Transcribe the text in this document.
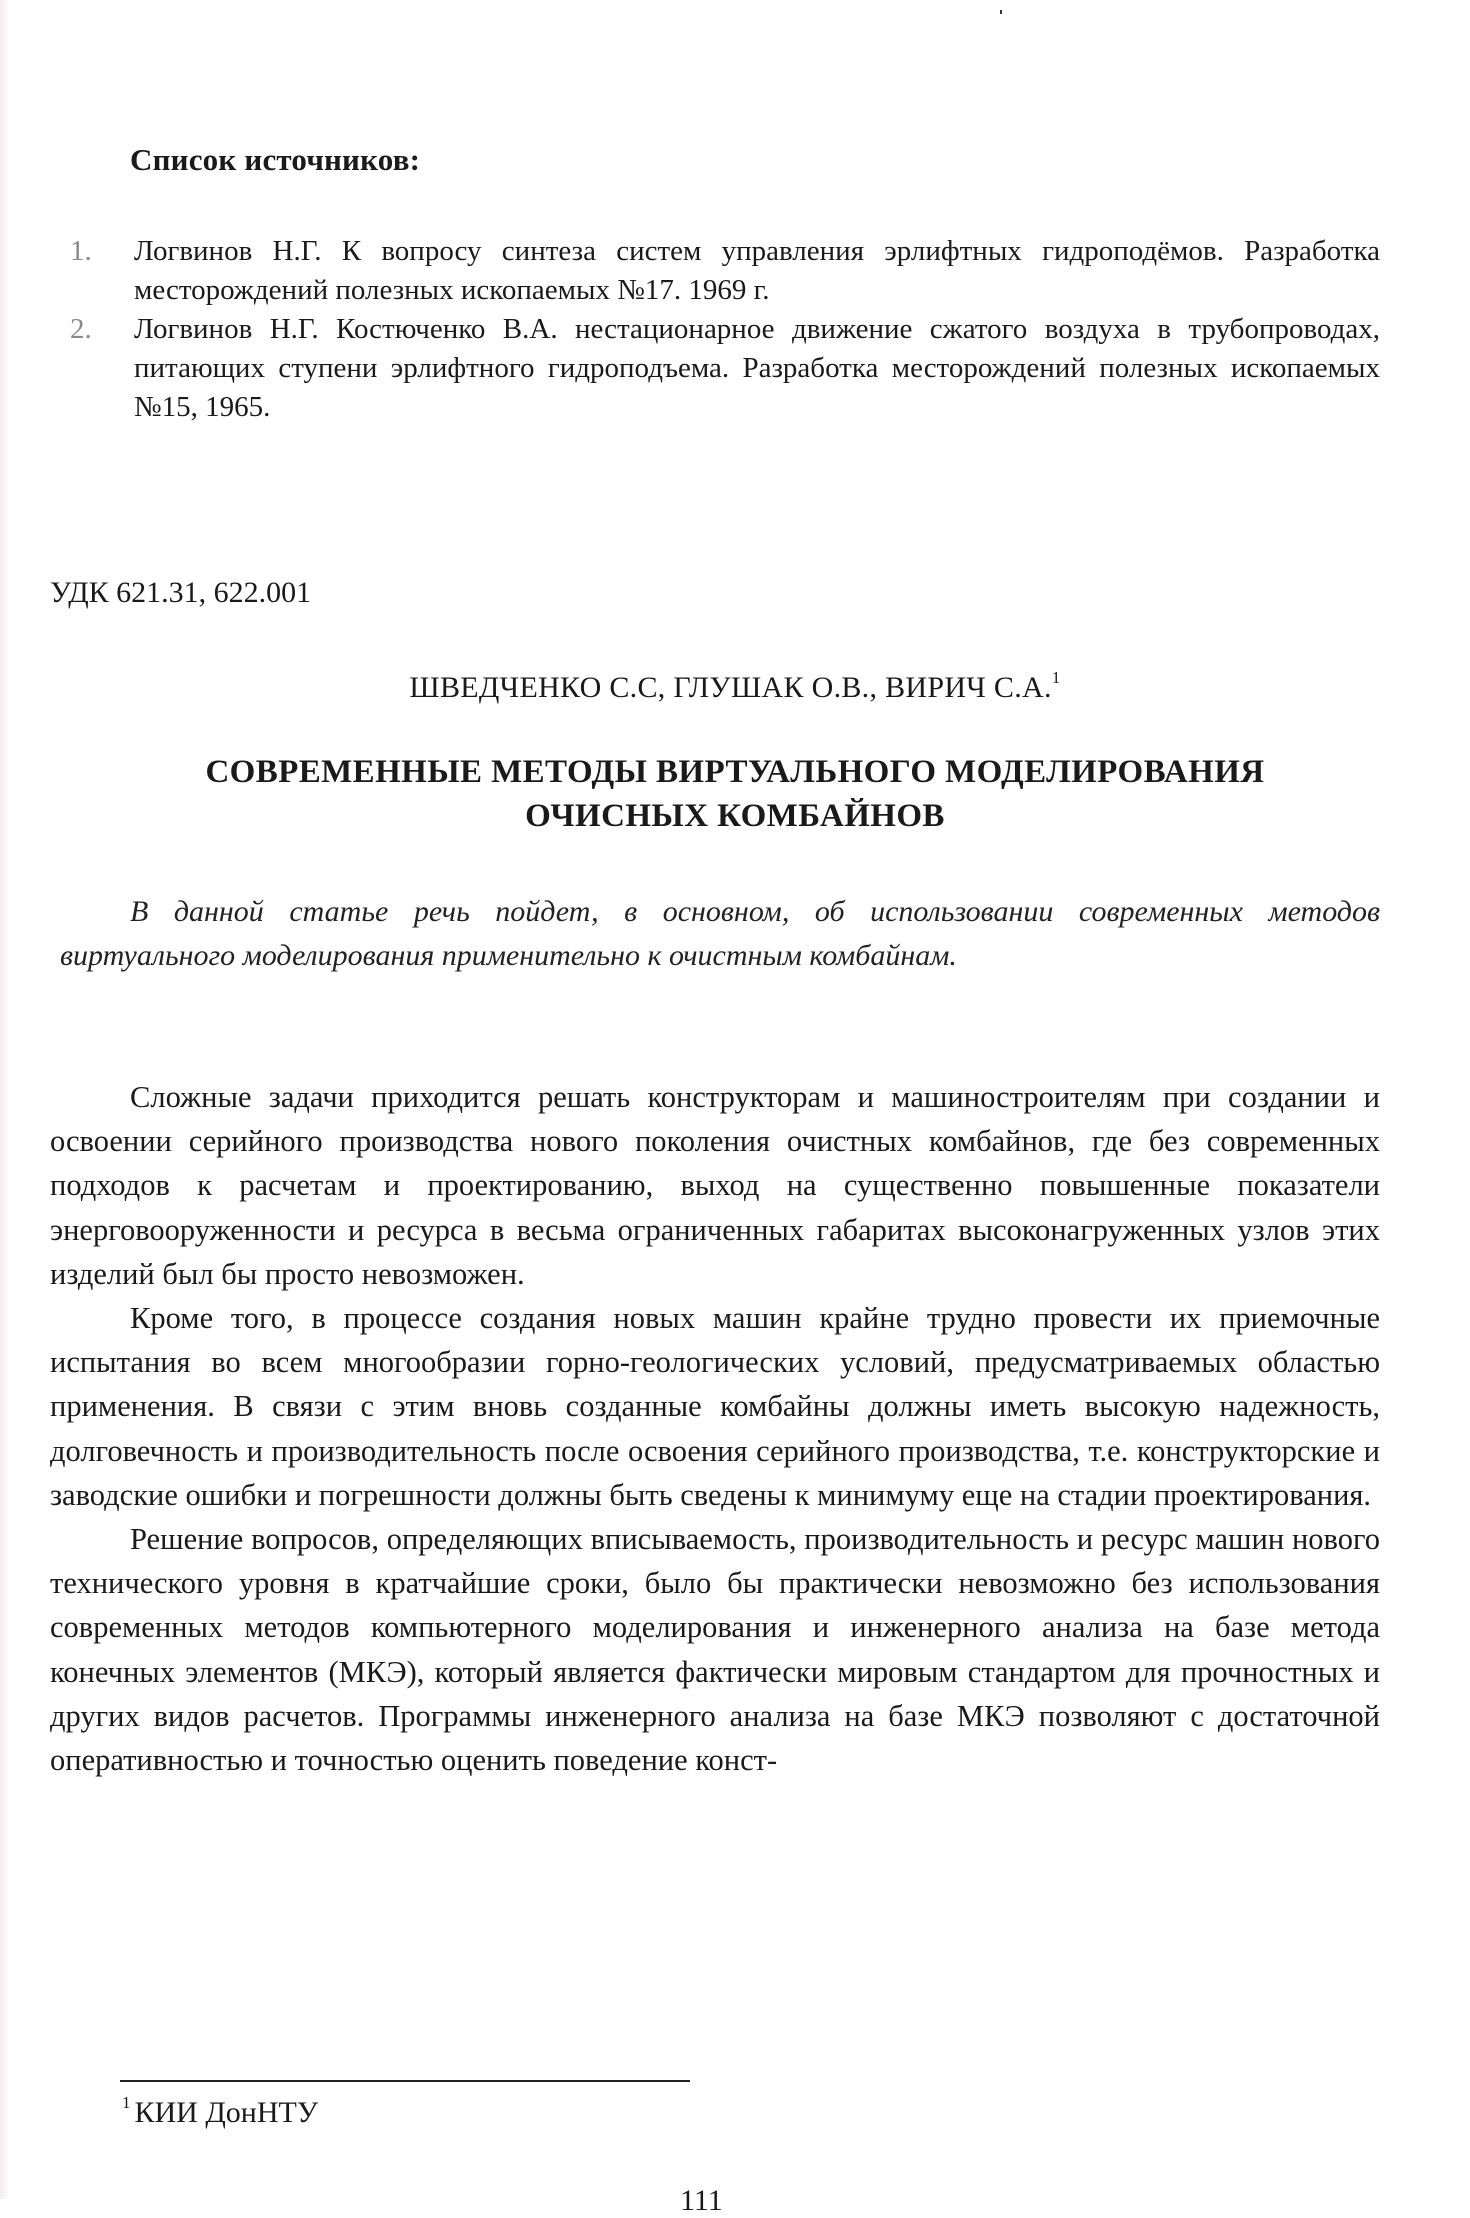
Список источников:
1. Логвинов Н.Г. К вопросу синтеза систем управления эрлифтных гидроподёмов. Разработка месторождений полезных ископаемых №17. 1969 г.
2. Логвинов Н.Г. Костюченко В.А. нестационарное движение сжатого воздуха в трубопроводах, питающих ступени эрлифтного гидроподъема. Разработка месторождений полезных ископаемых №15, 1965.
УДК 621.31, 622.001
ШВЕДЧЕНКО С.С, ГЛУШАК О.В., ВИРИЧ С.А.$^1$
СОВРЕМЕННЫЕ МЕТОДЫ ВИРТУАЛЬНОГО МОДЕЛИРОВАНИЯ
ОЧИСНЫХ КОМБАЙНОВ

В данной статье речь пойдет, в основном, об использовании современных методов виртуального моделирования применительно к очистным комбайнам.

Сложные задачи приходится решать конструкторам и машиностроителям при создании и освоении серийного производства нового поколения очистных комбайнов, где без современных подходов к расчетам и проектированию, выход на существенно повышенные показатели энерговооруженности и ресурса в весьма ограниченных габаритах высоконагруженных узлов этих изделий был бы просто невозможен.

Кроме того, в процессе создания новых машин крайне трудно провести их приемочные испытания во всем многообразии горно-геологических условий, предусматриваемых областью применения. В связи с этим вновь созданные комбайны должны иметь высокую надежность, долговечность и производительность после освоения серийного производства, т.е. конструкторские и заводские ошибки и погрешности должны быть сведены к минимуму еще на стадии проектирования.

Решение вопросов, определяющих вписываемость, производительность и ресурс машин нового технического уровня в кратчайшие сроки, было бы практически невозможно без использования современных методов компьютерного моделирования и инженерного анализа на базе метода конечных элементов (МКЭ), который является фактически мировым стандартом для прочностных и других видов расчетов. Программы инженерного анализа на базе МКЭ позволяют с достаточной оперативностью и точностью оценить поведение конст-

$^1$ КИИ ДонНТУ
111
